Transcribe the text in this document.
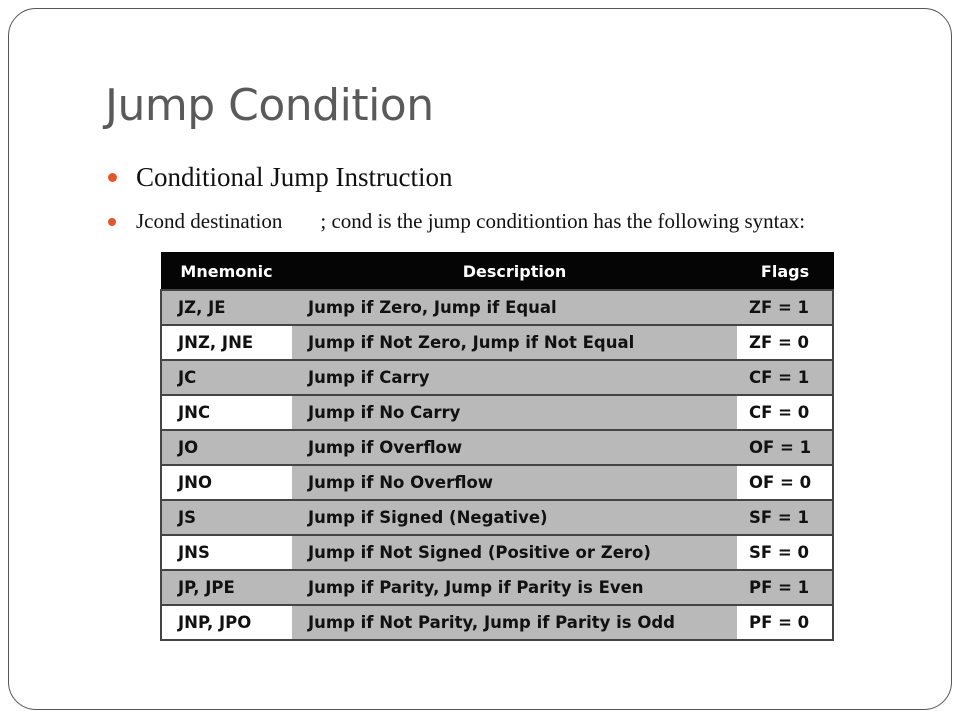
Jump Condition
Conditional Jump Instruction
Jcond destination ; cond is the jump conditiontion has the following syntax:
Mnemonic	Description	Flags
JZ, JE	Jump if Zero, Jump if Equal	ZF = 1
JNZ, JNE	Jump if Not Zero, Jump if Not Equal	ZF = 0
JC	Jump if Carry	CF = 1
JNC	Jump if No Carry	CF = 0
JO	Jump if Overflow	OF = 1
JNO	Jump if No Overflow	OF = 0
JS	Jump if Signed (Negative)	SF = 1
JNS	Jump if Not Signed (Positive or Zero)	SF = 0
JP, JPE	Jump if Parity, Jump if Parity is Even	PF = 1
JNP, JPO	Jump if Not Parity, Jump if Parity is Odd	PF = 0
